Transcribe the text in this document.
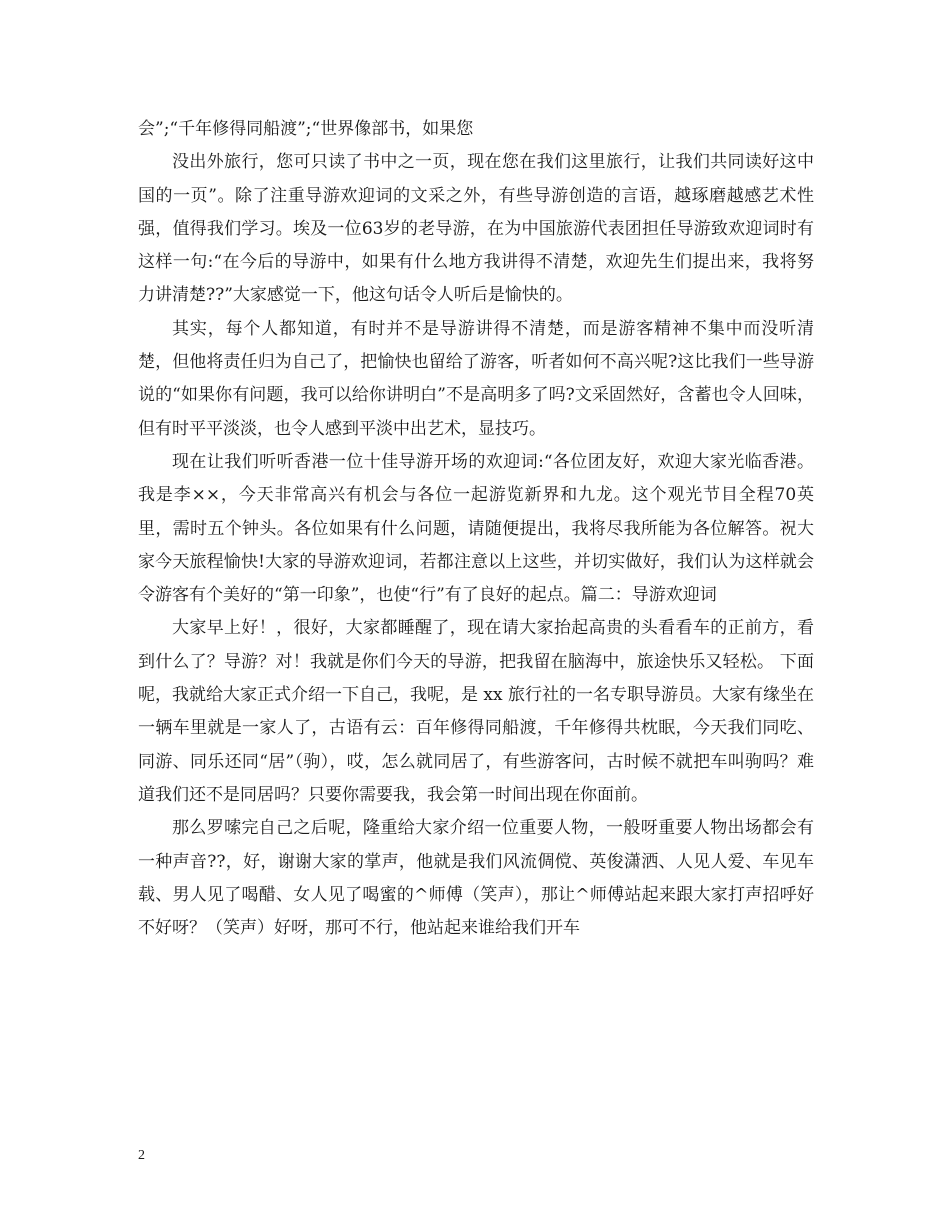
会”;“千年修得同船渡”;“世界像部书，如果您

没出外旅行，您可只读了书中之一页，现在您在我们这里旅行，让我们共同读好这中国的一页”。除了注重导游欢迎词的文采之外，有些导游创造的言语，越琢磨越感艺术性强，值得我们学习。埃及一位63岁的老导游，在为中国旅游代表团担任导游致欢迎词时有这样一句:“在今后的导游中，如果有什么地方我讲得不清楚，欢迎先生们提出来，我将努力讲清楚??”大家感觉一下，他这句话令人听后是愉快的。

其实，每个人都知道，有时并不是导游讲得不清楚，而是游客精神不集中而没听清楚，但他将责任归为自己了，把愉快也留给了游客，听者如何不高兴呢?这比我们一些导游说的“如果你有问题，我可以给你讲明白”不是高明多了吗?文采固然好，含蓄也令人回味，但有时平平淡淡，也令人感到平淡中出艺术，显技巧。

现在让我们听听香港一位十佳导游开场的欢迎词:“各位团友好，欢迎大家光临香港。我是李××，今天非常高兴有机会与各位一起游览新界和九龙。这个观光节目全程70英里，需时五个钟头。各位如果有什么问题，请随便提出，我将尽我所能为各位解答。祝大家今天旅程愉快!大家的导游欢迎词，若都注意以上这些，并切实做好，我们认为这样就会令游客有个美好的“第一印象”，也使“行”有了良好的起点。篇二：导游欢迎词

大家早上好！，很好，大家都睡醒了，现在请大家抬起高贵的头看看车的正前方，看到什么了？导游？对！我就是你们今天的导游，把我留在脑海中，旅途快乐又轻松。 下面呢，我就给大家正式介绍一下自己，我呢，是 xx 旅行社的一名专职导游员。大家有缘坐在一辆车里就是一家人了，古语有云：百年修得同船渡，千年修得共枕眠，今天我们同吃、同游、同乐还同“居”（驹），哎，怎么就同居了，有些游客问，古时候不就把车叫驹吗？难道我们还不是同居吗？只要你需要我，我会第一时间出现在你面前。

那么罗嗦完自己之后呢，隆重给大家介绍一位重要人物，一般呀重要人物出场都会有一种声音??，好，谢谢大家的掌声，他就是我们风流倜傥、英俊潇洒、人见人爱、车见车载、男人见了喝醋、女人见了喝蜜的^师傅（笑声），那让^师傅站起来跟大家打声招呼好不好呀？（笑声）好呀，那可不行，他站起来谁给我们开车

2
